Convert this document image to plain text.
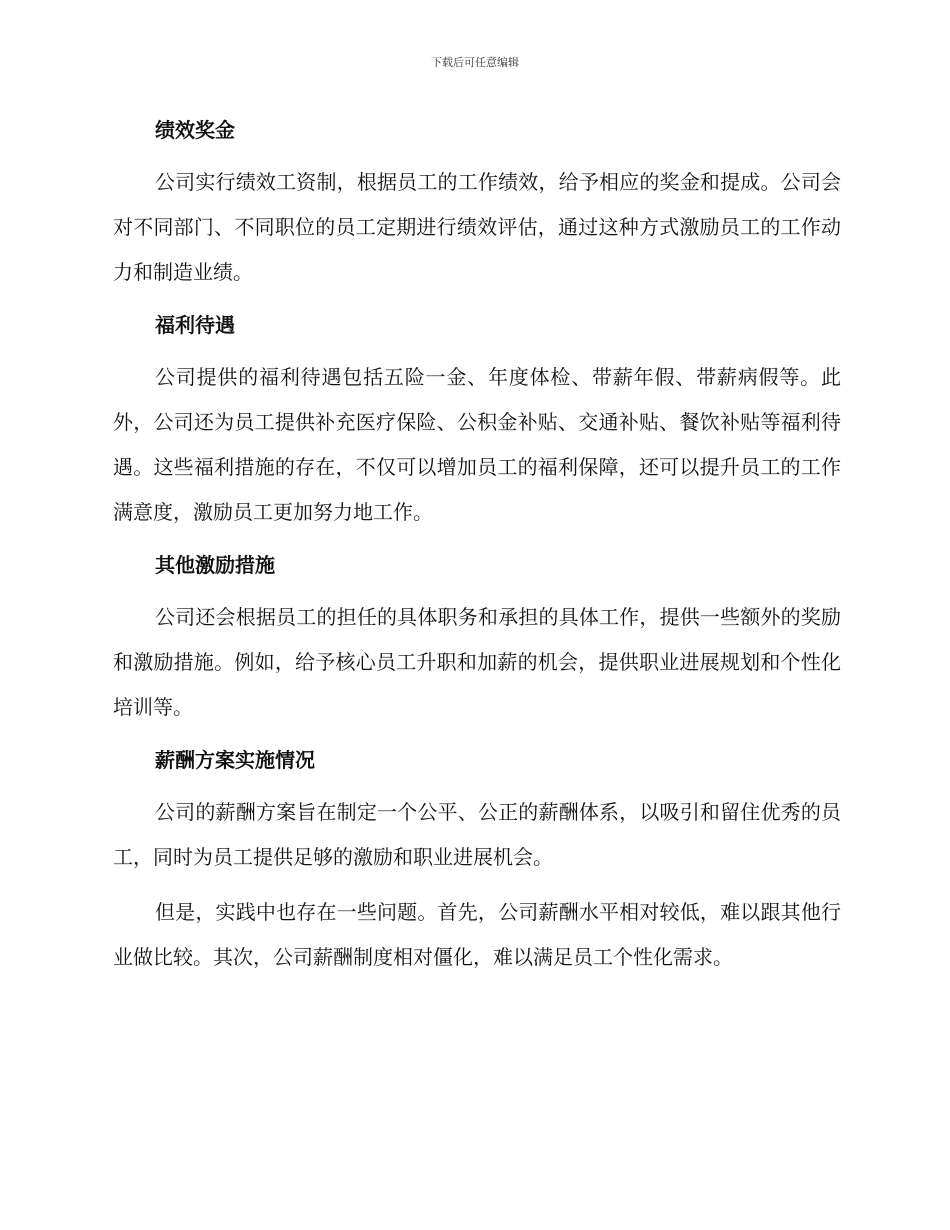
下载后可任意编辑
绩效奖金
公司实行绩效工资制，根据员工的工作绩效，给予相应的奖金和提成。公司会对不同部门、不同职位的员工定期进行绩效评估，通过这种方式激励员工的工作动力和制造业绩。
福利待遇
公司提供的福利待遇包括五险一金、年度体检、带薪年假、带薪病假等。此外，公司还为员工提供补充医疗保险、公积金补贴、交通补贴、餐饮补贴等福利待遇。这些福利措施的存在，不仅可以增加员工的福利保障，还可以提升员工的工作满意度，激励员工更加努力地工作。
其他激励措施
公司还会根据员工的担任的具体职务和承担的具体工作，提供一些额外的奖励和激励措施。例如，给予核心员工升职和加薪的机会，提供职业进展规划和个性化培训等。
薪酬方案实施情况
公司的薪酬方案旨在制定一个公平、公正的薪酬体系，以吸引和留住优秀的员工，同时为员工提供足够的激励和职业进展机会。
但是，实践中也存在一些问题。首先，公司薪酬水平相对较低，难以跟其他行业做比较。其次，公司薪酬制度相对僵化，难以满足员工个性化需求。
